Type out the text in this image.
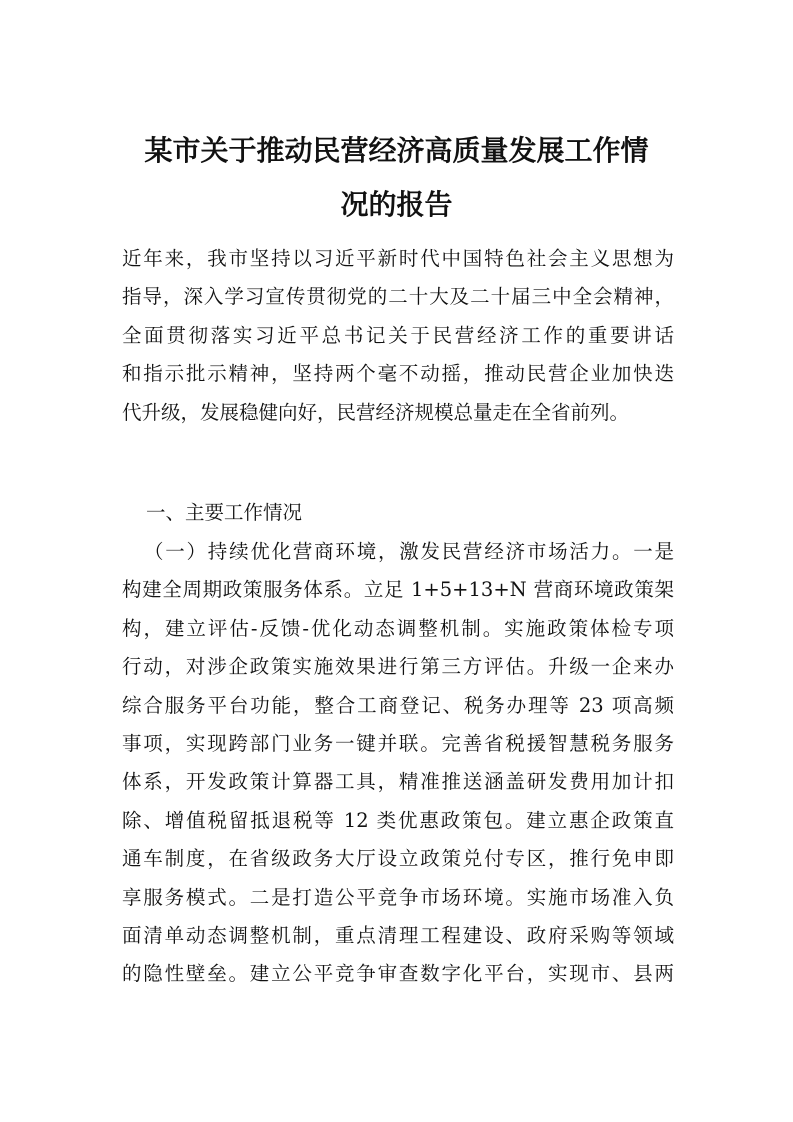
某市关于推动民营经济高质量发展工作情
况的报告
近年来，我市坚持以习近平新时代中国特色社会主义思想为
指导，深入学习宣传贯彻党的二十大及二十届三中全会精神，
全面贯彻落实习近平总书记关于民营经济工作的重要讲话
和指示批示精神，坚持两个毫不动摇，推动民营企业加快迭
代升级，发展稳健向好，民营经济规模总量走在全省前列。
一、主要工作情况
（一）持续优化营商环境，激发民营经济市场活力。一是
构建全周期政策服务体系。立足 1+5+13+N 营商环境政策架
构，建立评估-反馈-优化动态调整机制。实施政策体检专项
行动，对涉企政策实施效果进行第三方评估。升级一企来办
综合服务平台功能，整合工商登记、税务办理等 23 项高频
事项，实现跨部门业务一键并联。完善省税援智慧税务服务
体系，开发政策计算器工具，精准推送涵盖研发费用加计扣
除、增值税留抵退税等 12 类优惠政策包。建立惠企政策直
通车制度，在省级政务大厅设立政策兑付专区，推行免申即
享服务模式。二是打造公平竞争市场环境。实施市场准入负
面清单动态调整机制，重点清理工程建设、政府采购等领域
的隐性壁垒。建立公平竞争审查数字化平台，实现市、县两
